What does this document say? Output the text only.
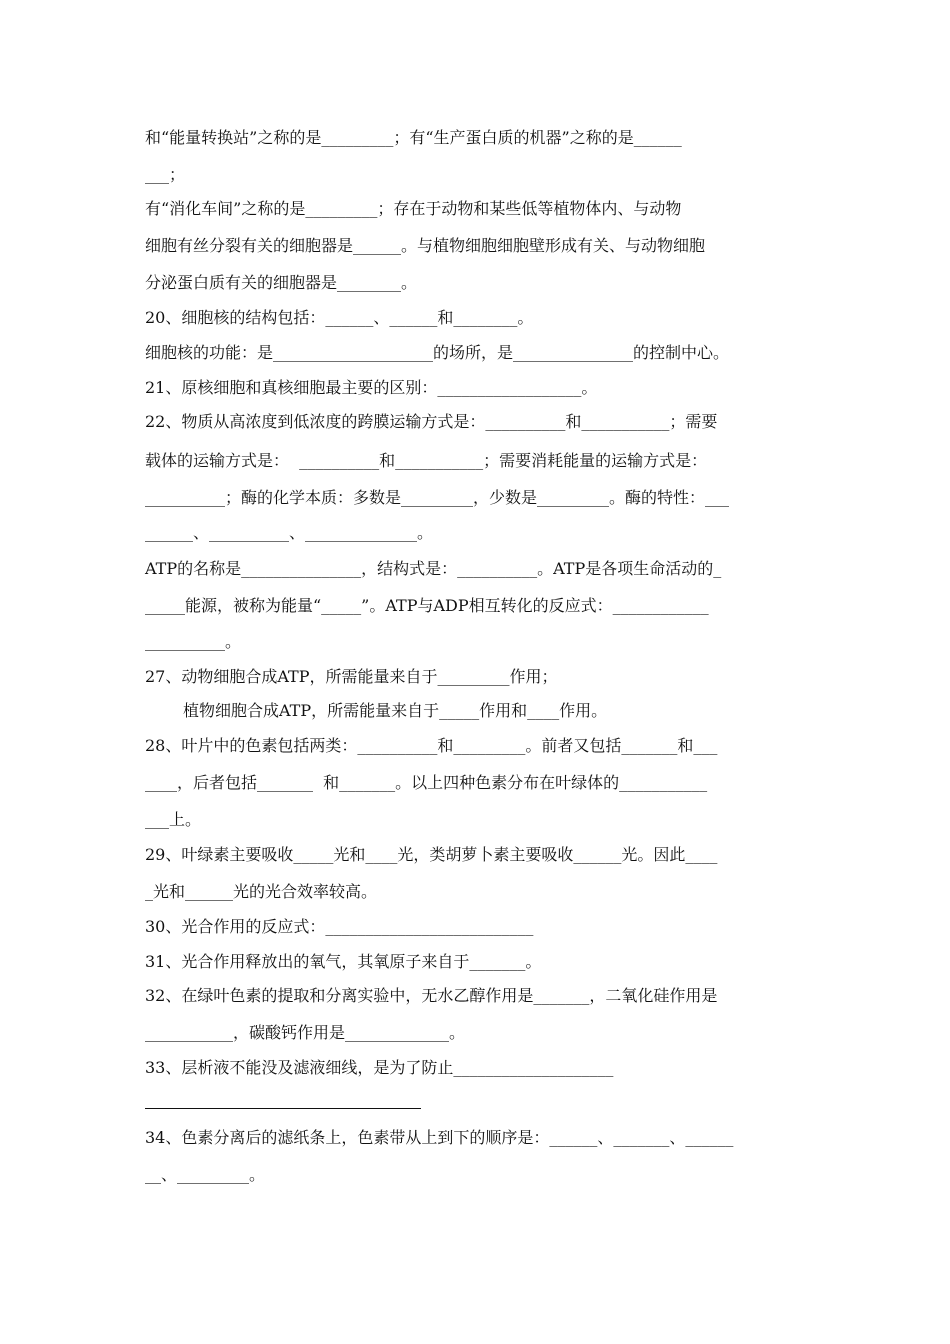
和“能量转换站”之称的是_________；有“生产蛋白质的机器”之称的是______
___；
有“消化车间”之称的是_________；存在于动物和某些低等植物体内、与动物
细胞有丝分裂有关的细胞器是______。与植物细胞细胞壁形成有关、与动物细胞
分泌蛋白质有关的细胞器是________。
20、细胞核的结构包括：______、______和________。
细胞核的功能：是____________________的场所，是_______________的控制中心。
21、原核细胞和真核细胞最主要的区别：__________________。
22、物质从高浓度到低浓度的跨膜运输方式是：__________和___________；需要
载体的运输方式是：  __________和___________；需要消耗能量的运输方式是：
__________；酶的化学本质：多数是_________，少数是_________。酶的特性：___
______、__________、______________。
ATP的名称是_______________，结构式是：__________。ATP是各项生命活动的_
_____能源，被称为能量“_____”。ATP与ADP相互转化的反应式：____________
__________。
27、动物细胞合成ATP，所需能量来自于_________作用；
植物细胞合成ATP，所需能量来自于_____作用和____作用。
28、叶片中的色素包括两类：__________和_________。前者又包括_______和___
____，后者包括_______  和_______。以上四种色素分布在叶绿体的___________
___上。
29、叶绿素主要吸收_____光和____光，类胡萝卜素主要吸收______光。因此____
_光和______光的光合效率较高。
30、光合作用的反应式：__________________________
31、光合作用释放出的氧气，其氧原子来自于_______。
32、在绿叶色素的提取和分离实验中，无水乙醇作用是_______，二氧化硅作用是
___________，碳酸钙作用是_____________。
33、层析液不能没及滤液细线，是为了防止____________________
34、色素分离后的滤纸条上，色素带从上到下的顺序是：______、_______、______
__、_________。
